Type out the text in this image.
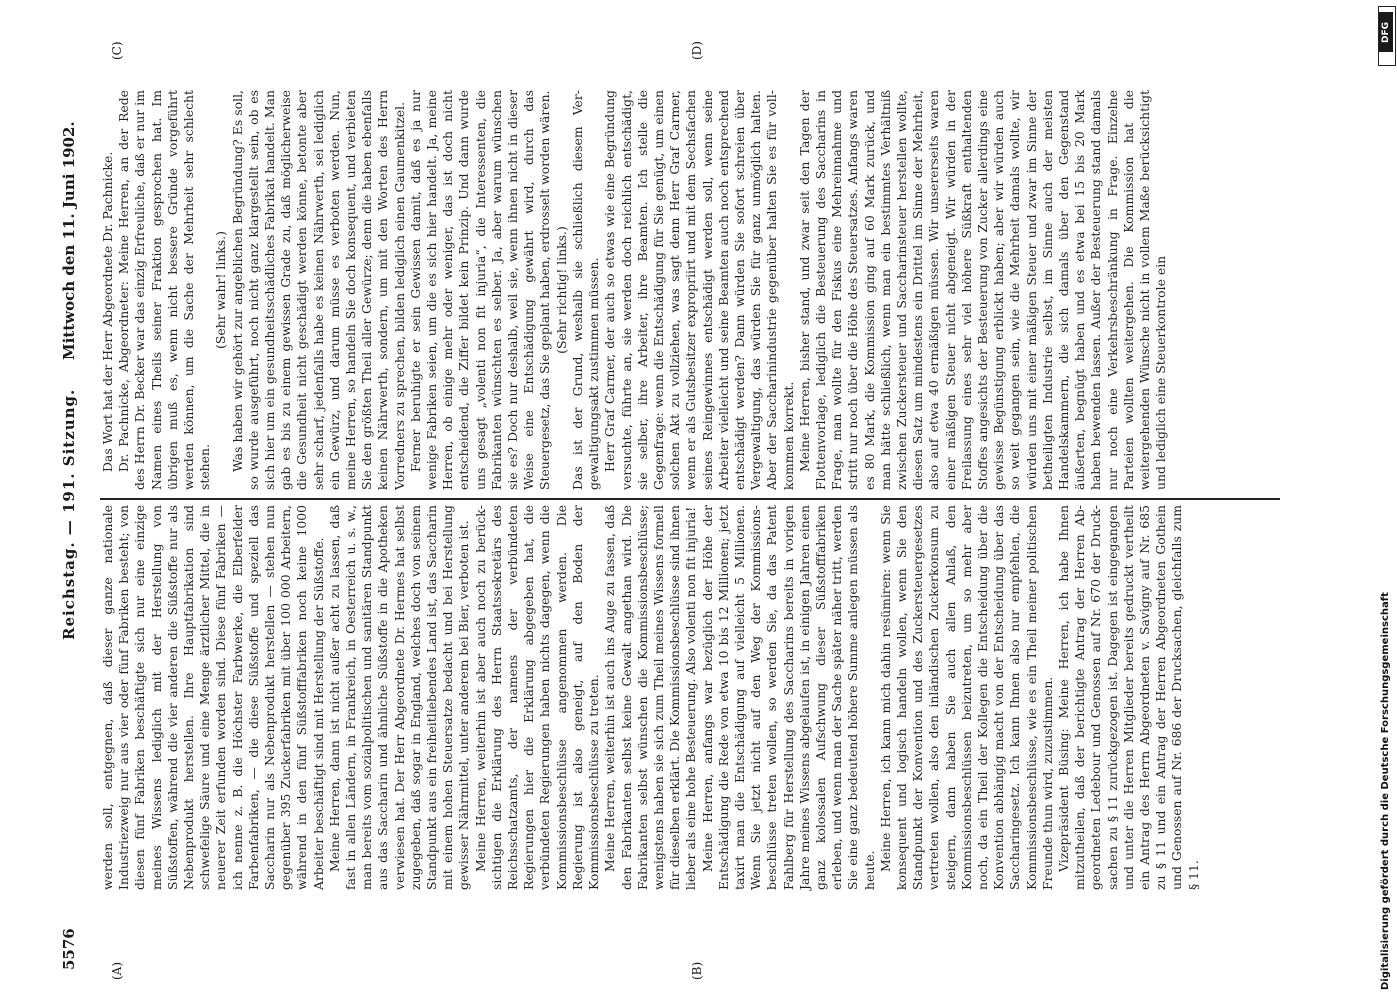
5576
Reichstag. — 191. Sitzung.
Mittwoch den 11. Juni 1902.
(A)	(B)
(C)	(D)

werden soll, entgegnen, daß dieser ganze nationale Industriezweig nur aus vier oder fünf Fabriken besteht; von diesen fünf Fabriken beschäftigte sich nur eine einzige meines Wissens lediglich mit der Herstellung von Süßstoffen, während die vier anderen die Süßstoffe nur als Nebenprodukt herstellen. Ihre Hauptfabrikation sind schwefelige Säure und eine Menge ärztlicher Mittel, die in neuerer Zeit erfunden worden sind. Diese fünf Fabriken — ich nenne z. B. die Höchster Farbwerke, die Elberfelder Farbenfabriken, — die diese Süßstoffe und speziell das Saccharin nur als Nebenprodukt herstellen — stehen nun gegenüber 395 Zuckerfabriken mit über 100 000 Arbeitern, während in den fünf Süßstofffabriken noch keine 1000 Arbeiter beschäftigt sind mit Herstellung der Süßstoffe. Meine Herren, dann ist nicht außer acht zu lassen, daß fast in allen Ländern, in Frankreich, in Oesterreich u. s. w., man bereits vom sozialpolitischen und sanitären Standpunkt aus das Saccharin und ähnliche Süßstoffe in die Apotheken verwiesen hat. Der Herr Abgeordnete Dr. Hermes hat selbst zugegeben, daß sogar in England, welches doch von seinem Standpunkt aus ein freiheitliebendes Land ist, das Saccharin mit einem hohen Steuersatze bedacht und bei Herstellung gewisser Nährmittel, unter anderem bei Bier, verboten ist. Meine Herren, weiterhin ist aber auch noch zu berücksichtigen die Erklärung des Herrn Staatssekretärs des Reichsschatzamts, der namens der verbündeten Regierungen hier die Erklärung abgegeben hat, die verbündeten Regierungen haben nichts dagegen, wenn die Kommissionsbeschlüsse angenommen werden. Die Regierung ist also geneigt, auf den Boden der Kommissionsbeschlüsse zu treten. Meine Herren, weiterhin ist auch ins Auge zu fassen, daß den Fabrikanten selbst keine Gewalt angethan wird. Die Fabrikanten selbst wünschen die Kommissionsbeschlüsse; wenigstens haben sie sich zum Theil meines Wissens formell für dieselben erklärt. Die Kommissionsbeschlüsse sind ihnen lieber als eine hohe Besteuerung. Also volenti non fit injuria! Meine Herren, anfangs war bezüglich der Höhe der Entschädigung die Rede von etwa 10 bis 12 Millionen; jetzt taxirt man die Entschädigung auf vielleicht 5 Millionen. Wenn Sie jetzt nicht auf den Weg der Kommissionsbeschlüsse treten wollen, so werden Sie, da das Patent Fahlberg für Herstellung des Saccharins bereits in vorigen Jahre meines Wissens abgelaufen ist, in einigen Jahren einen ganz kolossalen Aufschwung dieser Süßstofffabriken erleben, und wenn man der Sache später näher tritt, werden Sie eine ganz bedeutend höhere Summe anlegen müssen als heute. Meine Herren, ich kann mich dahin resümiren: wenn Sie konsequent und logisch handeln wollen, wenn Sie den Standpunkt der Konvention und des Zuckersteuergesetzes vertreten wollen, also den inländischen Zuckerkonsum zu steigern, dann haben Sie auch allen Anlaß, den Kommissionsbeschlüssen beizutreten, um so mehr aber noch, da ein Theil der Kollegen die Entscheidung über die Konvention abhängig macht von der Entscheidung über das Saccharingesetz. Ich kann Ihnen also nur empfehlen, die Kommissionsbeschlüsse, wie es ein Theil meiner politischen Freunde thun wird, zuzustimmen. Vizepräsident Büsing: Meine Herren, ich habe Ihnen mitzutheilen, daß der berichtigte Antrag der Herren Abgeordneten Ledebour und Genossen auf Nr. 670 der Drucksachen zu § 11 zurückgezogen ist. Dagegen ist eingegangen und unter die Herren Mitglieder bereits gedruckt vertheilt ein Antrag des Herrn Abgeordneten v. Savigny auf Nr. 685 zu § 11 und ein Antrag der Herren Abgeordneten Gothein und Genossen auf Nr. 686 der Drucksachen, gleichfalls zum § 11.

Das Wort hat der Herr Abgeordnete Dr. Pachnicke. Dr. Pachnicke, Abgeordneter: Meine Herren, an der Rede des Herrn Dr. Becker war das einzig Erfreuliche, daß er nur im Namen eines Theils seiner Fraktion gesprochen hat. Im übrigen muß es, wenn nicht bessere Gründe vorgeführt werden können, um die Sache der Mehrheit sehr schlecht stehen.

(Sehr wahr! links.) Was haben wir gehört zur angeblichen Begründung? Es soll, so wurde ausgeführt, noch nicht ganz klargestellt sein, ob es sich hier um ein gesundheitsschädliches Fabrikat handelt. Man gab es bis zu einem gewissen Grade zu, daß möglicherweise die Gesundheit nicht geschädigt werden könne, betonte aber sehr scharf, jedenfalls habe es keinen Nährwerth, sei lediglich ein Gewürz, und darum müsse es verboten werden. Nun, meine Herren, so handeln Sie doch konsequent, und verbieten Sie den größten Theil aller Gewürze; denn die haben ebenfalls keinen Nährwerth, sondern, um mit den Worten des Herrn Vorredners zu sprechen, bilden lediglich einen Gaumenkitzel. Ferner beruhigte er sein Gewissen damit, daß es ja nur wenige Fabriken seien, um die es sich hier handelt. Ja, meine Herren, ob einige mehr oder weniger, das ist doch nicht entscheidend, die Ziffer bildet kein Prinzip. Und dann wurde uns gesagt „volenti non fit injuria“, die Interessenten, die Fabrikanten wünschten es selber. Ja, aber warum wünschen sie es? Doch nur deshalb, weil sie, wenn ihnen nicht in dieser Weise eine Entschädigung gewährt wird, durch das Steuergesetz, das Sie geplant haben, erdrosselt worden wären. (Sehr richtig! links.) Das ist der Grund, weshalb sie schließlich diesem Vergewaltigungsakt zustimmen müssen. Herr Graf Carmer, der auch so etwas wie eine Begründung versuchte, führte an, sie werden doch reichlich entschädigt, sie selber, ihre Arbeiter, ihre Beamten. Ich stelle die Gegenfrage: wenn die Entschädigung für Sie genügt, um einen solchen Akt zu vollziehen, was sagt denn Herr Graf Carmer, wenn er als Gutsbesitzer expropriirt und mit dem Sechsfachen seines Reingewinnes entschädigt werden soll, wenn seine Arbeiter vielleicht und seine Beamten auch noch entsprechend entschädigt werden? Dann würden Sie sofort schreien über Vergewaltigung, das würden Sie für ganz unmöglich halten. Aber der Saccharinindustrie gegenüber halten Sie es für vollkommen korrekt. Meine Herren, bisher stand, und zwar seit den Tagen der Flottenvorlage, lediglich die Besteuerung des Saccharins in Frage, man wollte für den Fiskus eine Mehreinnahme und stritt nur noch über die Höhe des Steuersatzes. Anfangs waren es 80 Mark, die Kommission ging auf 60 Mark zurück, und man hätte schließlich, wenn man ein bestimmtes Verhältniß zwischen Zuckersteuer und Saccharinsteuer herstellen wollte, diesen Satz um mindestens ein Drittel im Sinne der Mehrheit, also auf etwa 40 ermäßigen müssen. Wir unsererseits waren einer mäßigen Steuer nicht abgeneigt. Wir würden in der Freilassung eines sehr viel höhere Süßkraft enthaltenden Stoffes angesichts der Besteuerung von Zucker allerdings eine gewisse Begünstigung erblickt haben; aber wir würden auch so weit gegangen sein, wie die Mehrheit damals wollte, wir würden uns mit einer mäßigen Steuer und zwar im Sinne der betheiligten Industrie selbst, im Sinne auch der meisten Handelskammern, die sich damals über den Gegenstand äußerten, begnügt haben und es etwa bei 15 bis 20 Mark haben bewenden lassen. Außer der Besteuerung stand damals nur noch eine Verkehrsbeschränkung in Frage. Einzelne Parteien wollten weitergehen. Die Kommission hat die weitergehenden Wünsche nicht in vollem Maße berücksichtigt und lediglich eine Steuerkontrole ein

DFG
Digitalisierung gefördert durch die Deutsche Forschungsgemeinschaft
